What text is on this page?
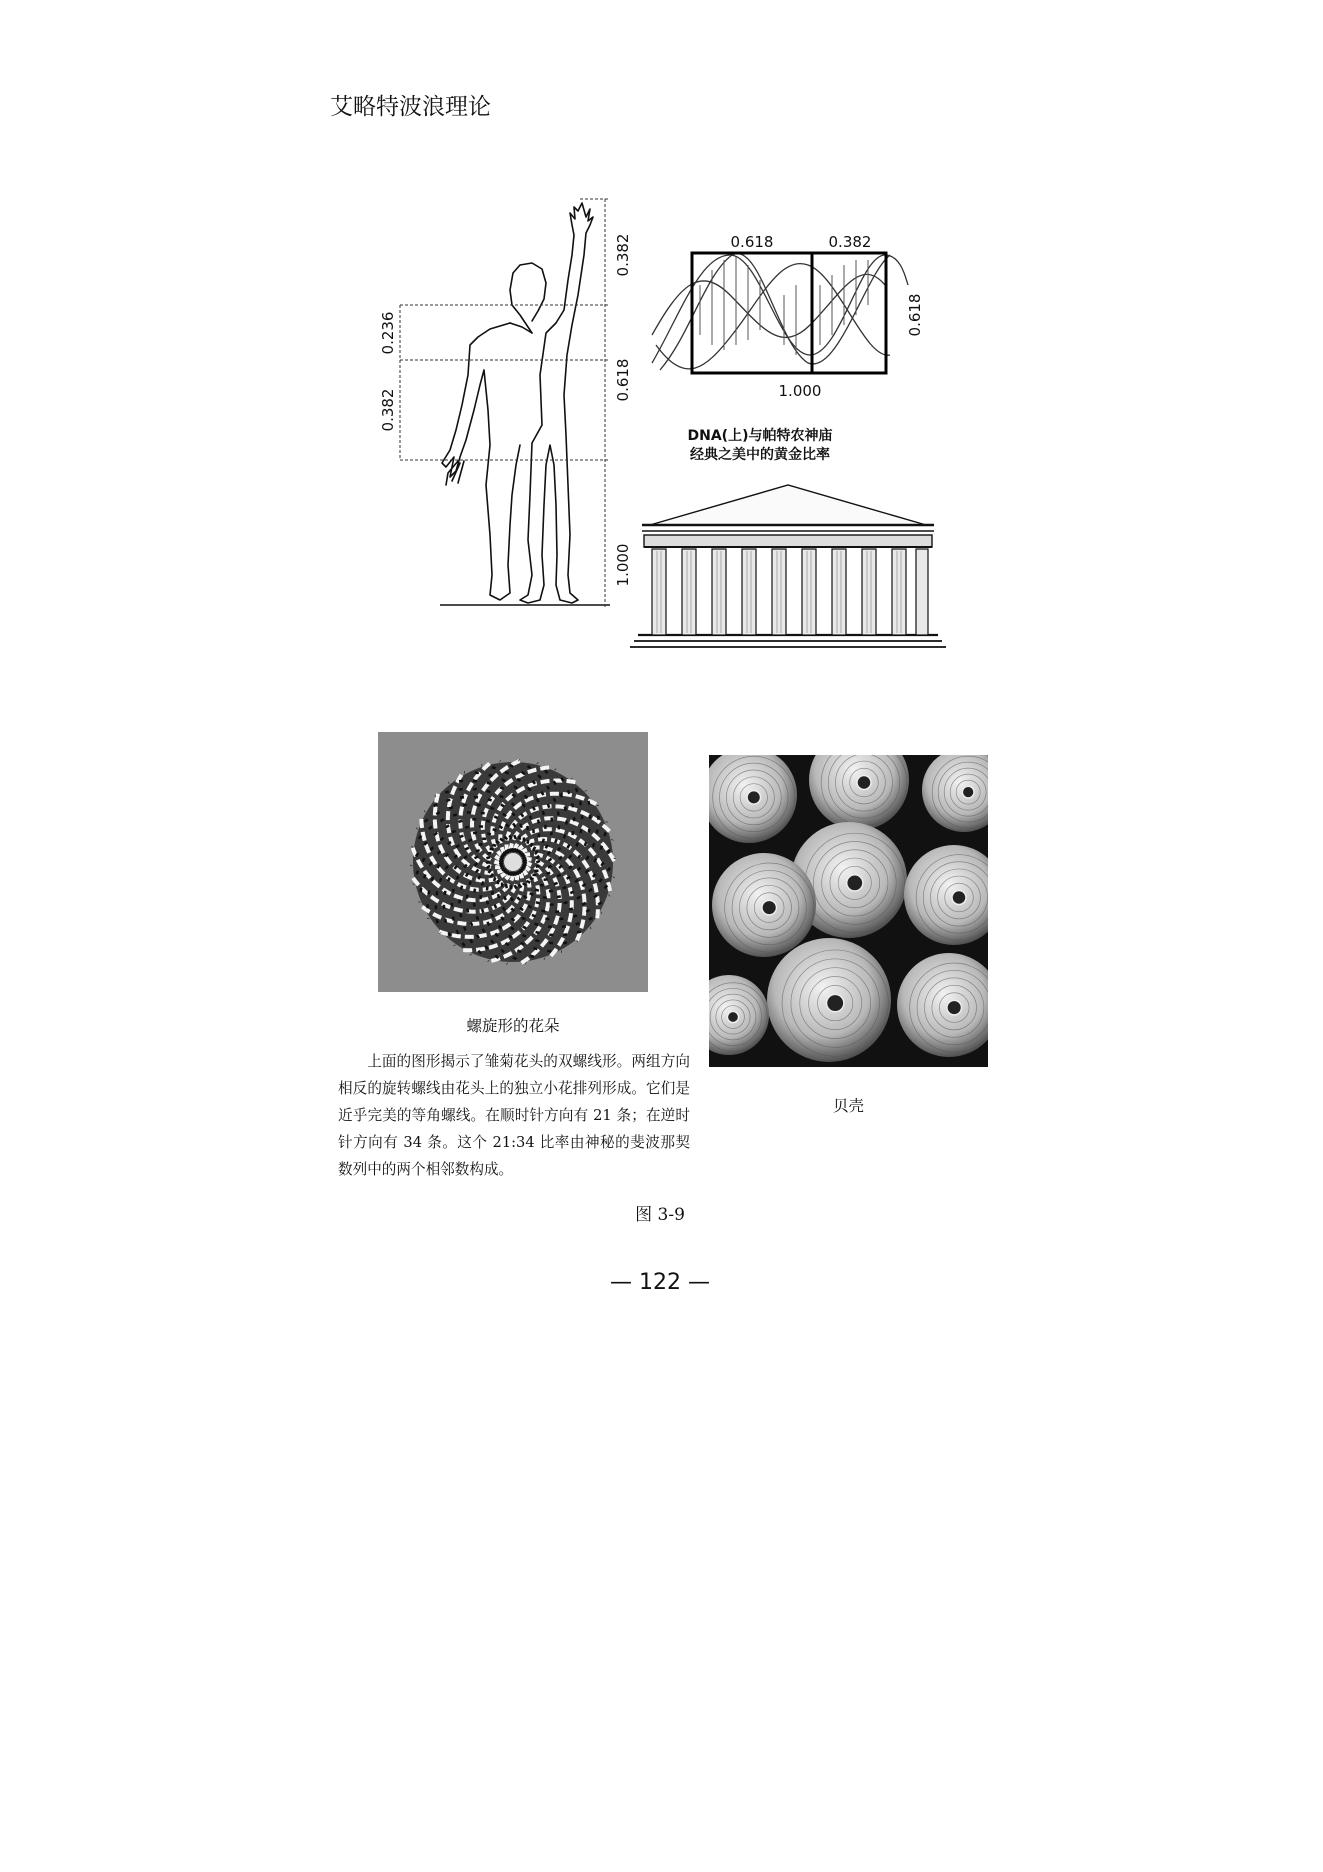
艾略特波浪理论
0.382
0.618
1.000
0.236
0.382
0.618	0.382
0.618
1.000
DNA(上)与帕特农神庙
经典之美中的黄金比率
螺旋形的花朵

上面的图形揭示了雏菊花头的双螺线形。两组方向相反的旋转螺线由花头上的独立小花排列形成。它们是近乎完美的等角螺线。在顺时针方向有 21 条；在逆时针方向有 34 条。这个 21:34 比率由神秘的斐波那契数列中的两个相邻数构成。

贝壳
图 3-9
— 122 —
